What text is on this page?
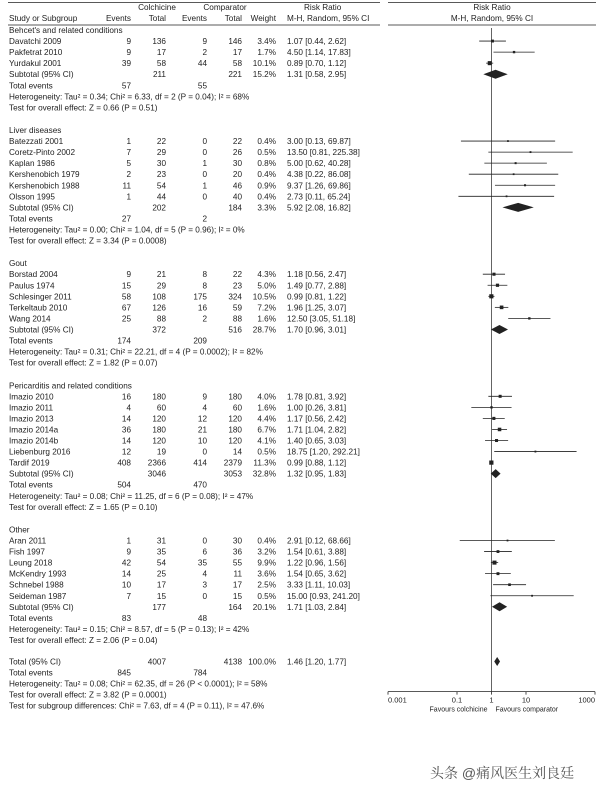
Colchicine	Comparator	Risk Ratio	Risk Ratio
Study or Subgroup	Events Total Events Total Weight M-H, Random, 95% CI	M-H, Random, 95% CI
Behcet's and related conditions
Davatchi 2009	9	136	9	146 3.4% 1.07 [0.44, 2.62]
Pakfetrat 2010	9	17	2	17 1.7% 4.50 [1.14, 17.83]
Yurdakul 2001	39	58	44	58 10.1% 0.89 [0.70, 1.12]
Subtotal (95% CI)	211	221 15.2% 1.31 [0.58, 2.95]
Total events	57	55
Heterogeneity: Tau² = 0.34; Chi² = 6.33, df = 2 (P = 0.04); I² = 68%
Test for overall effect: Z = 0.66 (P = 0.51)
Liver diseases
Batezzati 2001	1	22	0	22 0.4% 3.00 [0.13, 69.87]
Coretz-Pinto 2002	7	29	0	26 0.5% 13.50 [0.81, 225.38]
Kaplan 1986	5	30	1	30 0.8% 5.00 [0.62, 40.28]
Kershenobich 1979	2	23	0	20 0.4% 4.38 [0.22, 86.08]
Kershenobich 1988	11	54	1	46 0.9% 9.37 [1.26, 69.86]
Olsson 1995	1	44	0	40 0.4% 2.73 [0.11, 65.24]
Subtotal (95% CI)	202	184 3.3% 5.92 [2.08, 16.82]
Total events	27	2
Heterogeneity: Tau² = 0.00; Chi² = 1.04, df = 5 (P = 0.96); I² = 0%
Test for overall effect: Z = 3.34 (P = 0.0008)
Gout
Borstad 2004	9	21	8	22 4.3% 1.18 [0.56, 2.47]
Paulus 1974	15	29	8	23 5.0% 1.49 [0.77, 2.88]
Schlesinger 2011	58	108	175	324 10.5% 0.99 [0.81, 1.22]
Terkeltaub 2010	67	126	16	59 7.2% 1.96 [1.25, 3.07]
Wang 2014	25	88	2	88 1.6% 12.50 [3.05, 51.18]
Subtotal (95% CI)	372	516 28.7% 1.70 [0.96, 3.01]
Total events	174	209
Heterogeneity: Tau² = 0.31; Chi² = 22.21, df = 4 (P = 0.0002); I² = 82%
Test for overall effect: Z = 1.82 (P = 0.07)
Pericarditis and related conditions
Imazio 2010	16	180	9	180 4.0% 1.78 [0.81, 3.92]
Imazio 2011	4	60	4	60 1.6% 1.00 [0.26, 3.81]
Imazio 2013	14	120	12	120 4.4% 1.17 [0.56, 2.42]
Imazio 2014a	36	180	21	180 6.7% 1.71 [1.04, 2.82]
Imazio 2014b	14	120	10	120 4.1% 1.40 [0.65, 3.03]
Liebenburg 2016	12	19	0	14 0.5% 18.75 [1.20, 292.21]
Tardif 2019	408 2366	414 2379 11.3% 0.99 [0.88, 1.12]
Subtotal (95% CI)	3046	3053 32.8% 1.32 [0.95, 1.83]
Total events	504	470
Heterogeneity: Tau² = 0.08; Chi² = 11.25, df = 6 (P = 0.08); I² = 47%
Test for overall effect: Z = 1.65 (P = 0.10)
Other
Aran 2011	1	31	0	30 0.4% 2.91 [0.12, 68.66]
Fish 1997	9	35	6	36 3.2% 1.54 [0.61, 3.88]
Leung 2018	42	54	35	55 9.9% 1.22 [0.96, 1.56]
McKendry 1993	14	25	4	11 3.6% 1.54 [0.65, 3.62]
Schnebel 1988	10	17	3	17 2.5% 3.33 [1.11, 10.03]
Seideman 1987	7	15	0	15 0.5% 15.00 [0.93, 241.20]
Subtotal (95% CI)	177	164 20.1% 1.71 [1.03, 2.84]
Total events	83	48
Heterogeneity: Tau² = 0.15; Chi² = 8.57, df = 5 (P = 0.13); I² = 42%
Test for overall effect: Z = 2.06 (P = 0.04)
Total (95% CI)	4007	4138 100.0% 1.46 [1.20, 1.77]
Total events	845	784
Heterogeneity: Tau² = 0.08; Chi² = 62.35, df = 26 (P < 0.0001); I² = 58%
Test for overall effect: Z = 3.82 (P = 0.0001)
Test for subgroup differences: Chi² = 7.63, df = 4 (P = 0.11), I² = 47.6%
0.001	0.1	1	10	1000
Favours colchicine Favours comparator
头条 @痛风医生刘良廷
